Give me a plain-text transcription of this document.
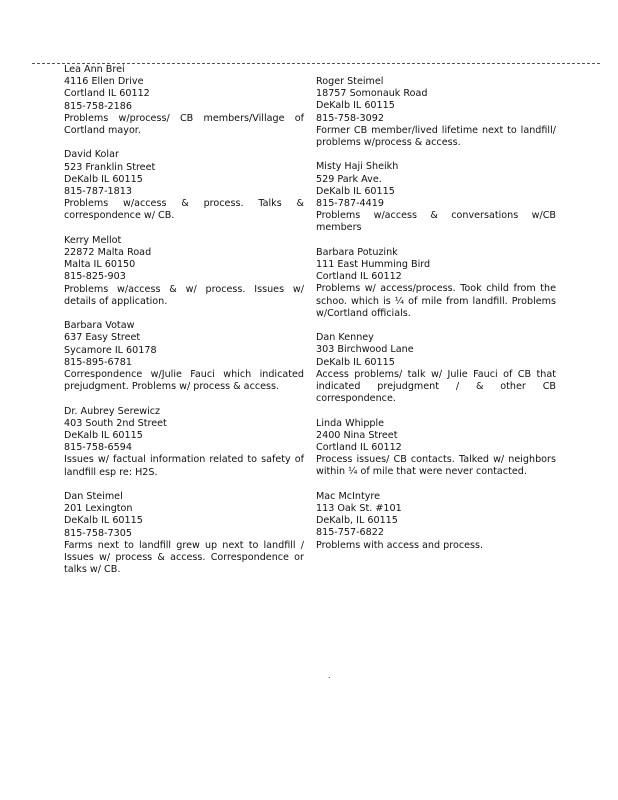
Lea Ann Brei
4116 Ellen Drive
Cortland IL 60112
815-758-2186
Problems w/process/ CB members/Village of Cortland mayor.
David Kolar
523 Franklin Street
DeKalb IL 60115
815-787-1813
Problems w/access & process. Talks & correspondence w/ CB.
Kerry Mellot
22872 Malta Road
Malta IL 60150
815-825-903
Problems w/access & w/ process. Issues w/ details of application.
Barbara Votaw
637 Easy Street
Sycamore IL 60178
815-895-6781
Correspondence w/Julie Fauci which indicated prejudgment. Problems w/ process & access.
Dr. Aubrey Serewicz
403 South 2nd Street
DeKalb IL 60115
815-758-6594
Issues w/ factual information related to safety of landfill esp re: H2S.
Dan Steimel
201 Lexington
DeKalb IL 60115
815-758-7305
Farms next to landfill grew up next to landfill / Issues w/ process & access. Correspondence or talks w/ CB.
Roger Steimel
18757 Somonauk Road
DeKalb IL 60115
815-758-3092
Former CB member/lived lifetime next to landfill/ problems w/process & access.
Misty Haji Sheikh
529 Park Ave.
DeKalb IL 60115
815-787-4419
Problems w/access & conversations w/CB members
Barbara Potuzink
111 East Humming Bird
Cortland IL 60112
Problems w/ access/process. Took child from the schoo. which is ¼ of mile from landfill. Problems w/Cortland officials.
Dan Kenney
303 Birchwood Lane
DeKalb IL 60115
Access problems/ talk w/ Julie Fauci of CB that indicated prejudgment / & other CB correspondence.
Linda Whipple
2400 Nina Street
Cortland IL 60112
Process issues/ CB contacts. Talked w/ neighbors within ¼ of mile that were never contacted.
Mac McIntyre
113 Oak St. #101
DeKalb, IL 60115
815-757-6822
Problems with access and process.
.
